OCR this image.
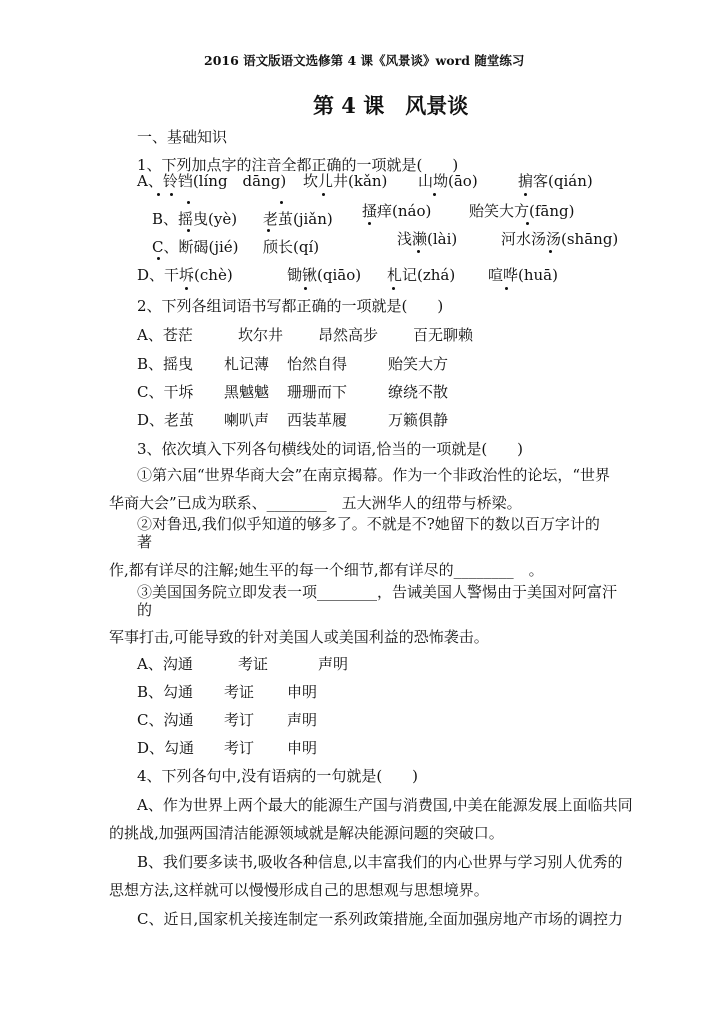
2016 语文版语文选修第 4 课《风景谈》word 随堂练习
第 4 课　风景谈
一、基础知识
1、下列加点字的注音全都正确的一项就是(　　)
A、铃铛(líng　dāng) 坎儿井(kǎn) 山坳(āo)	掮客(qián)
B、摇曳(yè) 老茧(jiǎn) 搔痒(náo)	贻笑大方(fāng)
C、断碣(jié) 颀长(qí)	浅濑(lài)	河水汤汤(shāng)
D、干坼(chè)	锄锹(qiāo) 札记(zhá) 喧哗(huā)
2、下列各组词语书写都正确的一项就是(　　)
A、苍茫	坎尔井 昂然高步 百无聊赖
B、摇曳 札记薄 怡然自得	贻笑大方
C、干坼 黑魆魆 珊珊而下	缭绕不散
D、老茧 喇叭声 西装革履	万籁俱静
3、依次填入下列各句横线处的词语,恰当的一项就是(　　)
①第六届“世界华商大会”在南京揭幕。作为一个非政治性的论坛，“世界
华商大会”已成为联系、________　五大洲华人的纽带与桥梁。
②对鲁迅,我们似乎知道的够多了。不就是不?她留下的数以百万字计的
著
作,都有详尽的注解;她生平的每一个细节,都有详尽的________　。
③美国国务院立即发表一项________，告诫美国人警惕由于美国对阿富汗
的
军事打击,可能导致的针对美国人或美国利益的恐怖袭击。
A、沟通	考证	声明
B、勾通 考证 申明
C、沟通 考订 声明
D、勾通 考订 申明
4、下列各句中,没有语病的一句就是(　　)
A、作为世界上两个最大的能源生产国与消费国,中美在能源发展上面临共同
的挑战,加强两国清洁能源领域就是解决能源问题的突破口。
B、我们要多读书,吸收各种信息,以丰富我们的内心世界与学习别人优秀的
思想方法,这样就可以慢慢形成自己的思想观与思想境界。
C、近日,国家机关接连制定一系列政策措施,全面加强房地产市场的调控力
